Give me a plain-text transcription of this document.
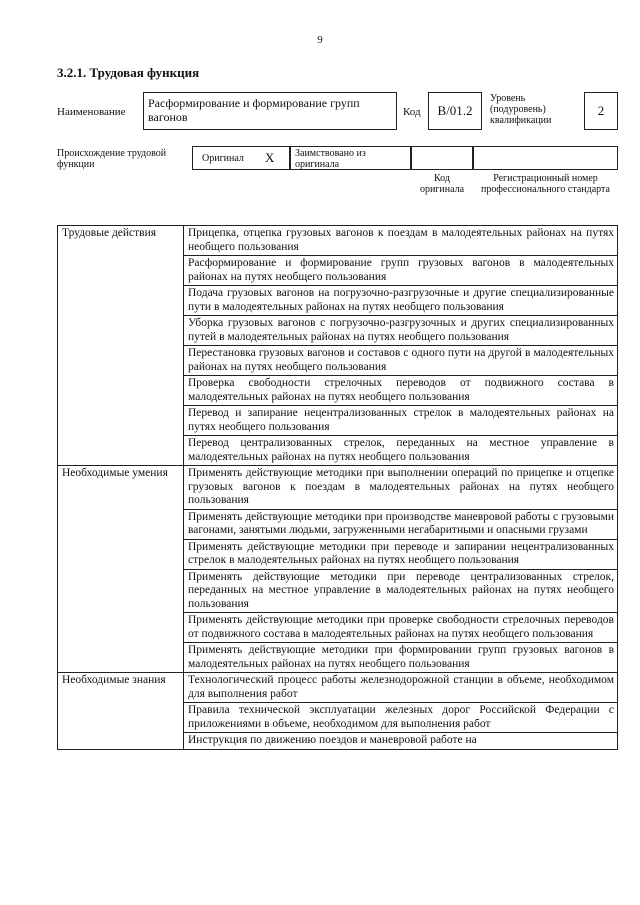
9
3.2.1. Трудовая функция
Наименование
Расформирование и формирование групп вагонов	Код В/01.2
Уровень (подуровень) квалификации
2
Происхождение трудовой функции
Оригинал X	Заимствовано из оригинала
Код оригинала
Регистрационный номер профессионального стандарта
Трудовые действия	Прицепка, отцепка грузовых вагонов к поездам в малодеятельных районах на путях необщего пользования
	Расформирование и формирование групп грузовых вагонов в малодеятельных районах на путях необщего пользования
	Подача грузовых вагонов на погрузочно-разгрузочные и другие специализированные пути в малодеятельных районах на путях необщего пользования
	Уборка грузовых вагонов с погрузочно-разгрузочных и других специализированных путей в малодеятельных районах на путях необщего пользования
	Перестановка грузовых вагонов и составов с одного пути на другой в малодеятельных районах на путях необщего пользования
	Проверка свободности стрелочных переводов от подвижного состава в малодеятельных районах на путях необщего пользования
	Перевод и запирание нецентрализованных стрелок в малодеятельных районах на путях необщего пользования
	Перевод централизованных стрелок, переданных на местное управление в малодеятельных районах на путях необщего пользования
Необходимые умения	Применять действующие методики при выполнении операций по прицепке и отцепке грузовых вагонов к поездам в малодеятельных районах на путях необщего пользования
	Применять действующие методики при производстве маневровой работы с грузовыми вагонами, занятыми людьми, загруженными негабаритными и опасными грузами
	Применять действующие методики при переводе и запирании нецентрализованных стрелок в малодеятельных районах на путях необщего пользования
	Применять действующие методики при переводе централизованных стрелок, переданных на местное управление в малодеятельных районах на путях необщего пользования
	Применять действующие методики при проверке свободности стрелочных переводов от подвижного состава в малодеятельных районах на путях необщего пользования
	Применять действующие методики при формировании групп грузовых вагонов в малодеятельных районах на путях необщего пользования
Необходимые знания	Технологический процесс работы железнодорожной станции в объеме, необходимом для выполнения работ
	Правила технической эксплуатации железных дорог Российской Федерации с приложениями в объеме, необходимом для выполнения работ
	Инструкция по движению поездов и маневровой работе на
